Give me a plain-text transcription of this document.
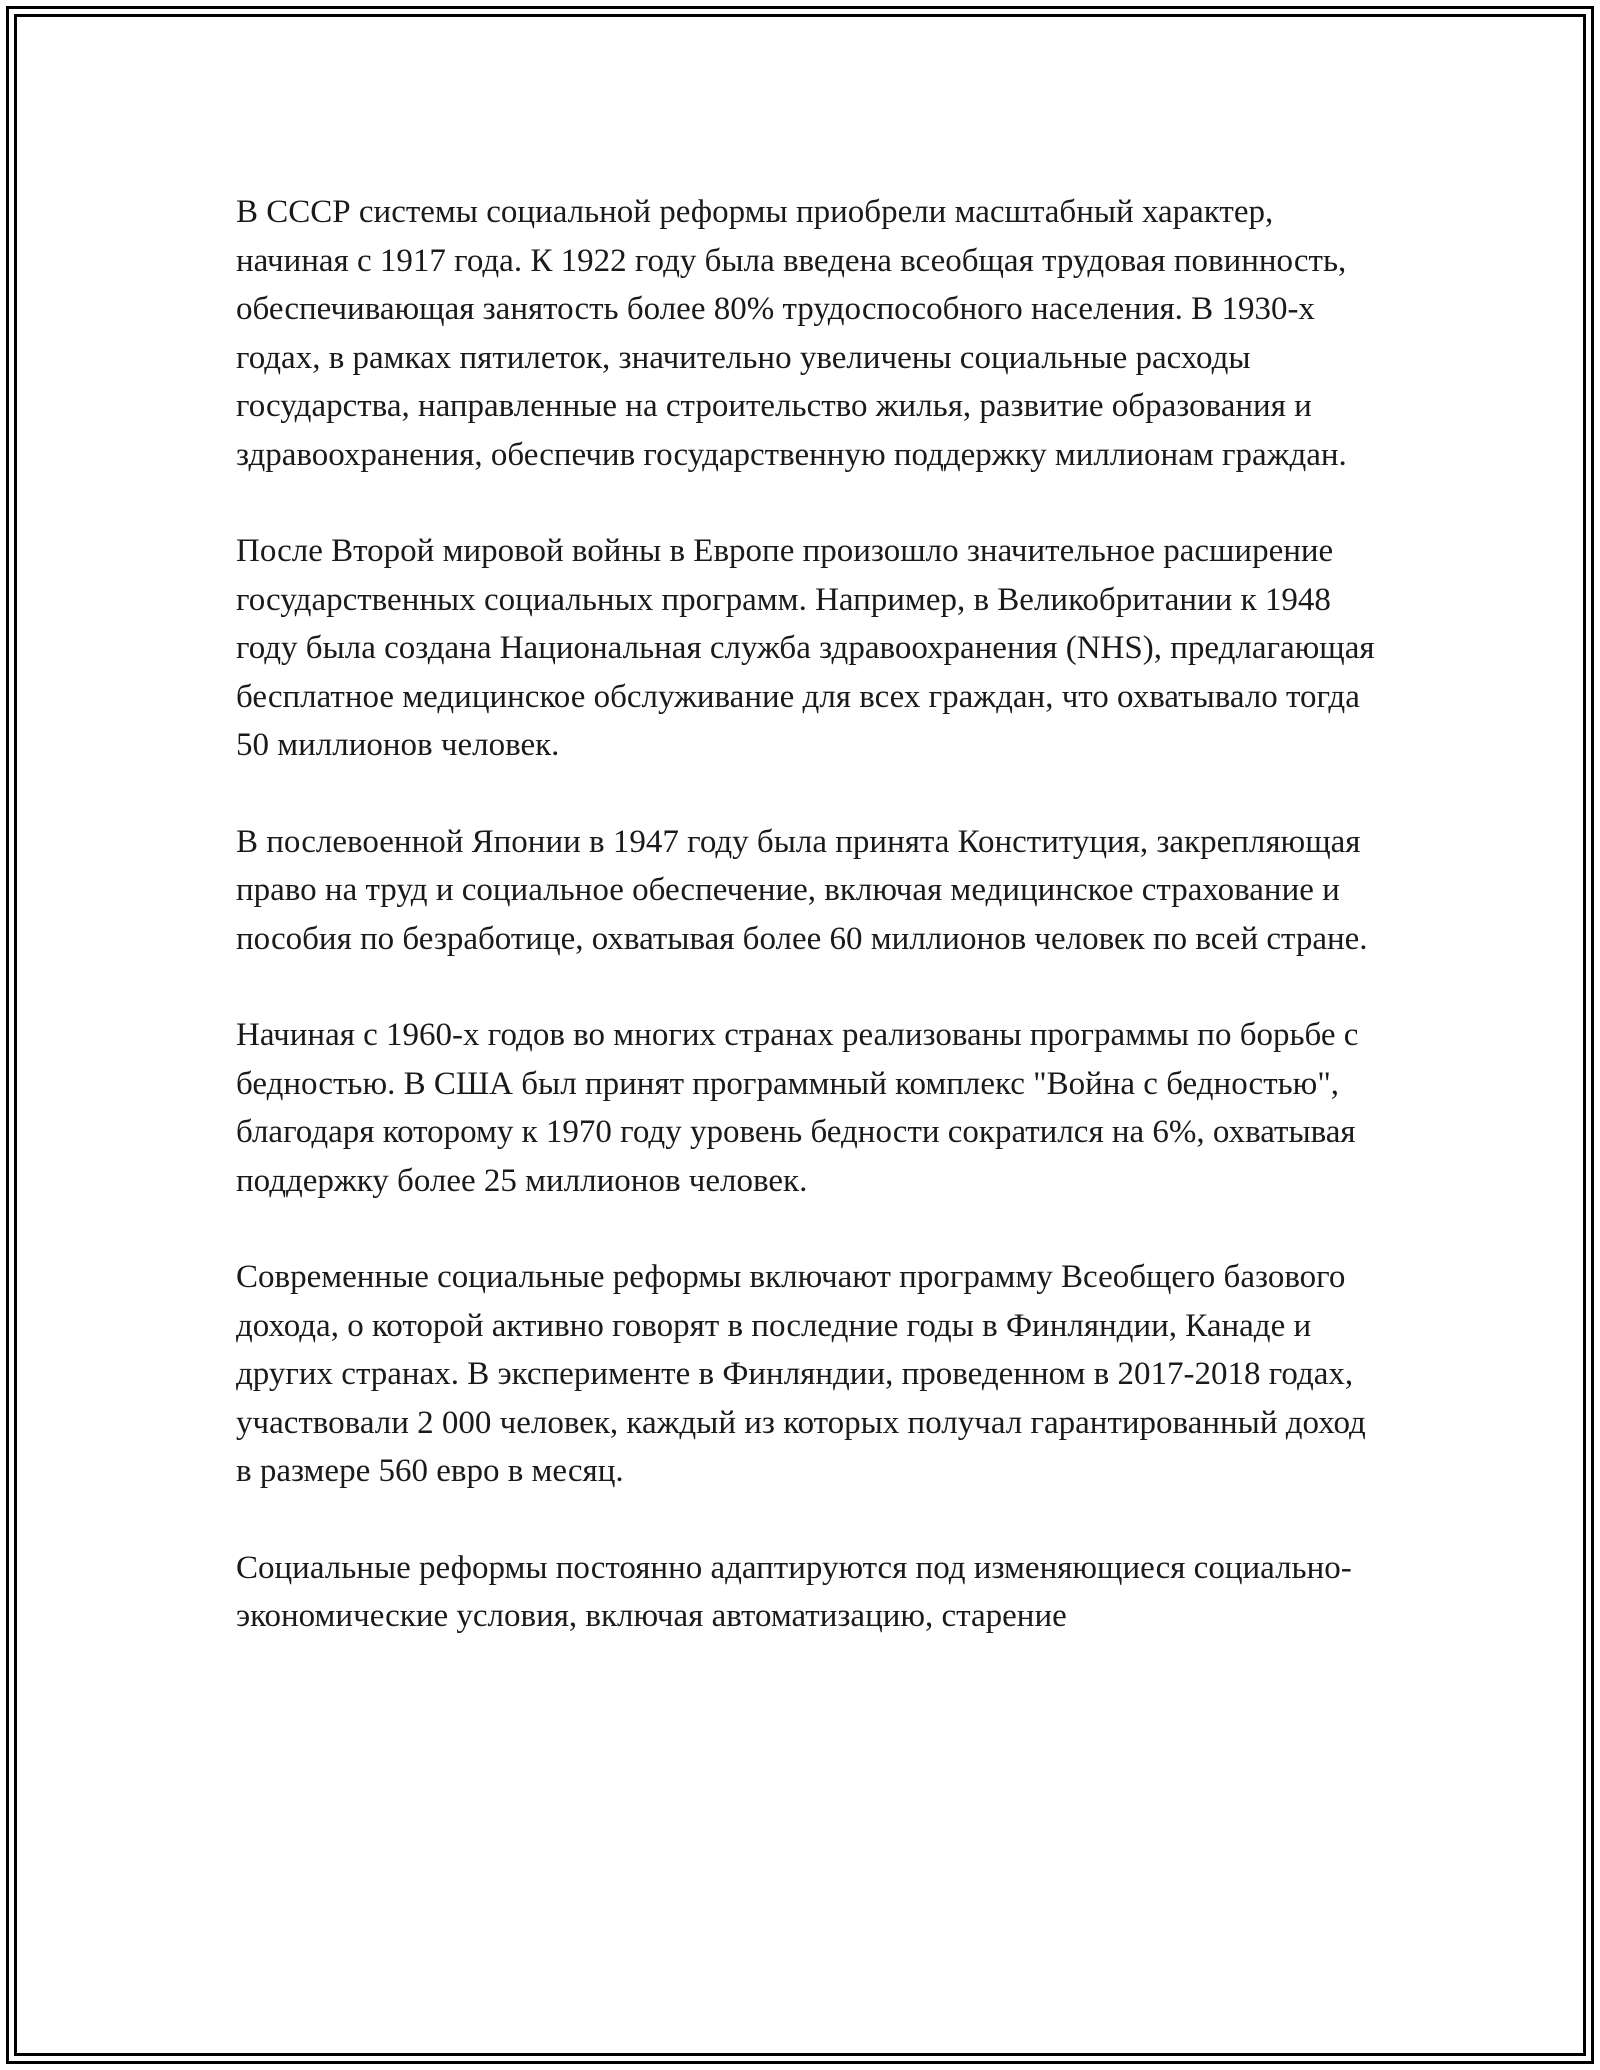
В СССР системы социальной реформы приобрели масштабный характер, начиная с 1917 года. К 1922 году была введена всеобщая трудовая повинность, обеспечивающая занятость более 80% трудоспособного населения. В 1930-х годах, в рамках пятилеток, значительно увеличены социальные расходы государства, направленные на строительство жилья, развитие образования и здравоохранения, обеспечив государственную поддержку миллионам граждан.

После Второй мировой войны в Европе произошло значительное расширение государственных социальных программ. Например, в Великобритании к 1948 году была создана Национальная служба здравоохранения (NHS), предлагающая бесплатное медицинское обслуживание для всех граждан, что охватывало тогда 50 миллионов человек.

В послевоенной Японии в 1947 году была принята Конституция, закрепляющая право на труд и социальное обеспечение, включая медицинское страхование и пособия по безработице, охватывая более 60 миллионов человек по всей стране.

Начиная с 1960-х годов во многих странах реализованы программы по борьбе с бедностью. В США был принят программный комплекс "Война с бедностью", благодаря которому к 1970 году уровень бедности сократился на 6%, охватывая поддержку более 25 миллионов человек.

Современные социальные реформы включают программу Всеобщего базового дохода, о которой активно говорят в последние годы в Финляндии, Канаде и других странах. В эксперименте в Финляндии, проведенном в 2017-2018 годах, участвовали 2 000 человек, каждый из которых получал гарантированный доход в размере 560 евро в месяц.

Социальные реформы постоянно адаптируются под изменяющиеся социально-экономические условия, включая автоматизацию, старение
